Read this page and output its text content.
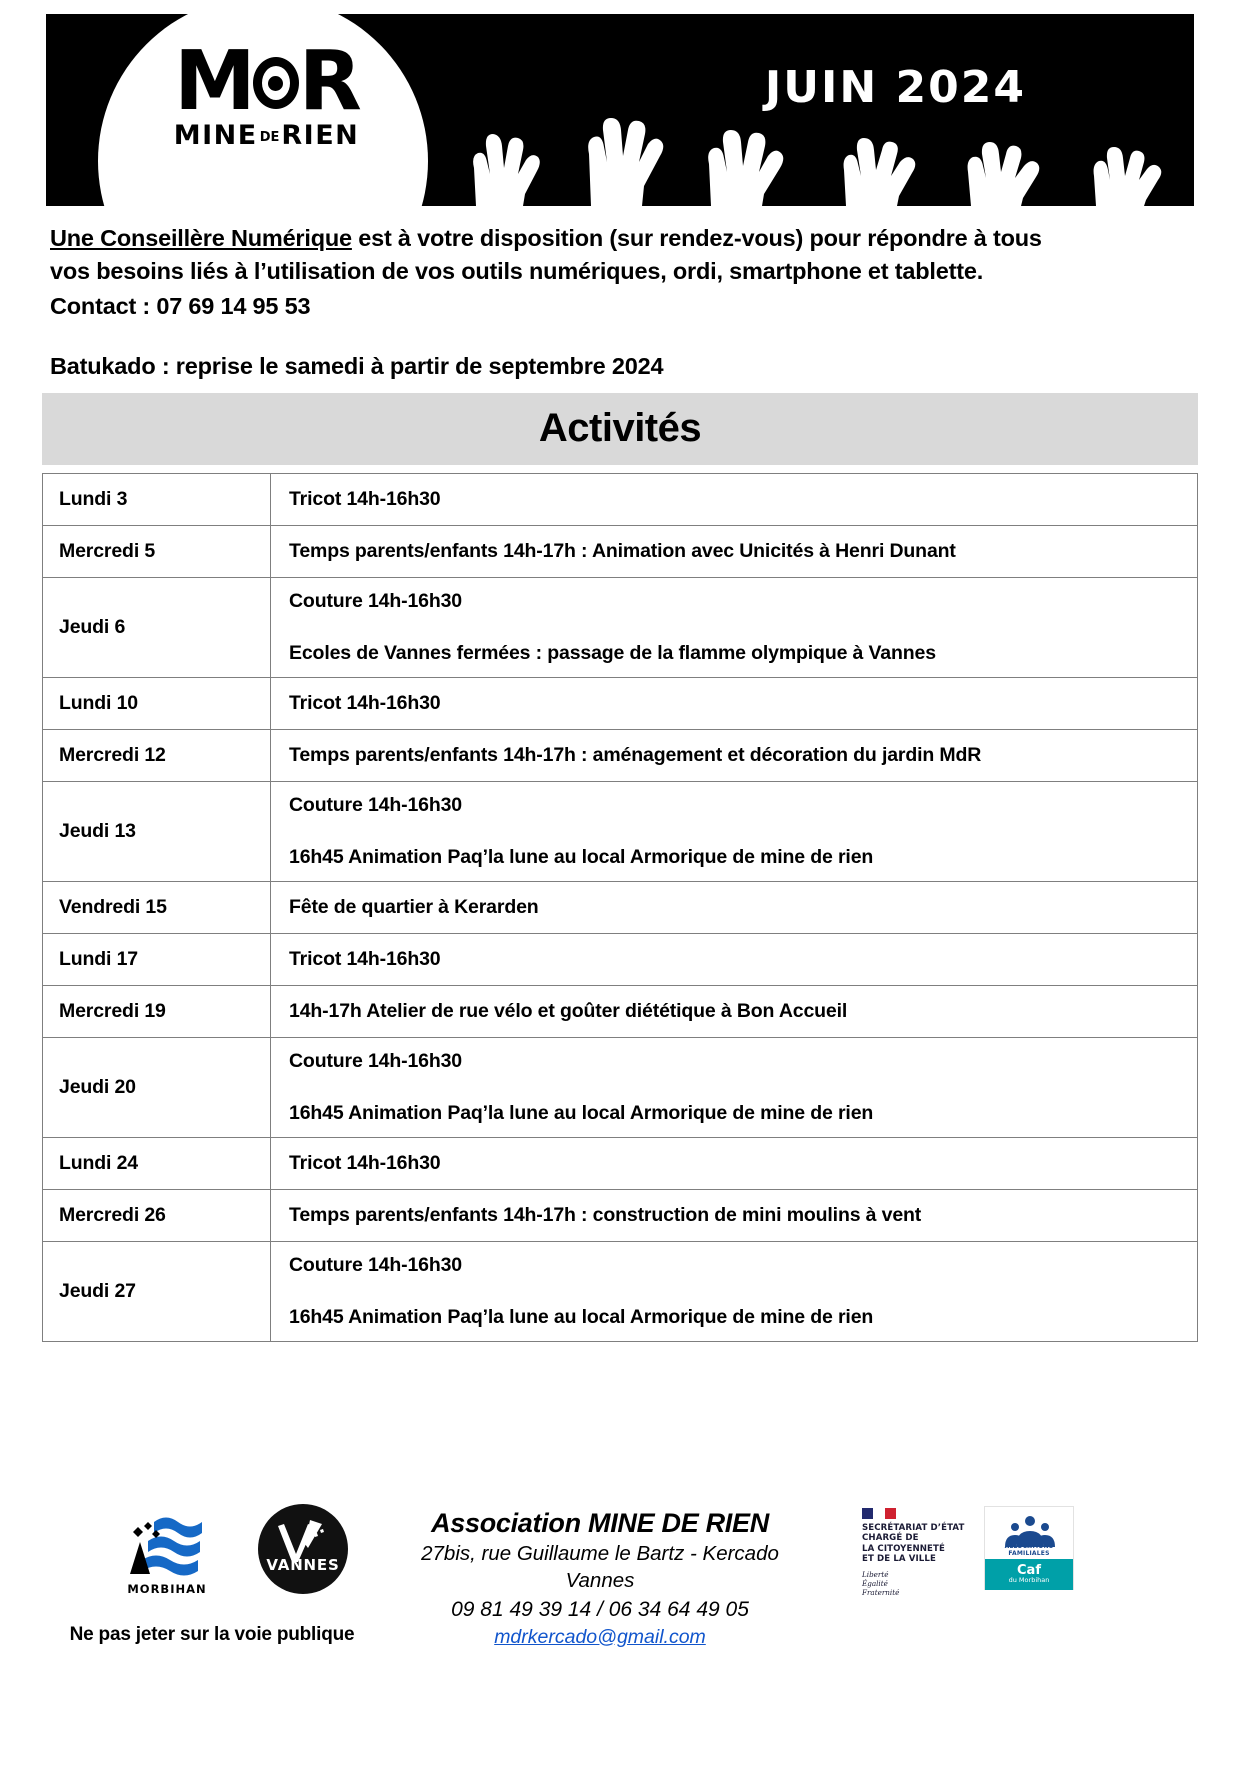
M R
MINE DERIEN
JUIN 2024
Une Conseillère Numérique est à votre disposition (sur rendez-vous) pour répondre à tous
vos besoins liés à l’utilisation de vos outils numériques, ordi, smartphone et tablette.
Contact : 07 69 14 95 53
Batukado : reprise le samedi à partir de septembre 2024
Activités
Lundi 3	Tricot 14h-16h30

Mercredi 5	Temps parents/enfants 14h-17h : Animation avec Unicités à Henri Dunant

Jeudi 6	Couture 14h-16h30

Ecoles de Vannes fermées : passage de la flamme olympique à Vannes

Lundi 10	Tricot 14h-16h30

Mercredi 12	Temps parents/enfants 14h-17h : aménagement et décoration du jardin MdR

Jeudi 13	Couture 14h-16h30

16h45 Animation Paq’la lune au local Armorique de mine de rien

Vendredi 15	Fête de quartier à Kerarden

Lundi 17	Tricot 14h-16h30

Mercredi 19	14h-17h Atelier de rue vélo et goûter diététique à Bon Accueil

Jeudi 20	Couture 14h-16h30

16h45 Animation Paq’la lune au local Armorique de mine de rien

Lundi 24	Tricot 14h-16h30

Mercredi 26	Temps parents/enfants 14h-17h : construction de mini moulins à vent

Jeudi 27	Couture 14h-16h30

16h45 Animation Paq’la lune au local Armorique de mine de rien

MORBIHAN
VANNES
Ne pas jeter sur la voie publique
Association MINE DE RIEN
27bis, rue Guillaume le Bartz - Kercado
Vannes
09 81 49 39 14 / 06 34 64 49 05
mdrkercado@gmail.com
SECRÉTARIAT D’ÉTAT
CHARGÉ DE
LA CITOYENNETÉ
ET DE LA VILLE
Liberté
Égalité
Fraternité
ALLOCATIONS FAMILIALES
Caf
du Morbihan
